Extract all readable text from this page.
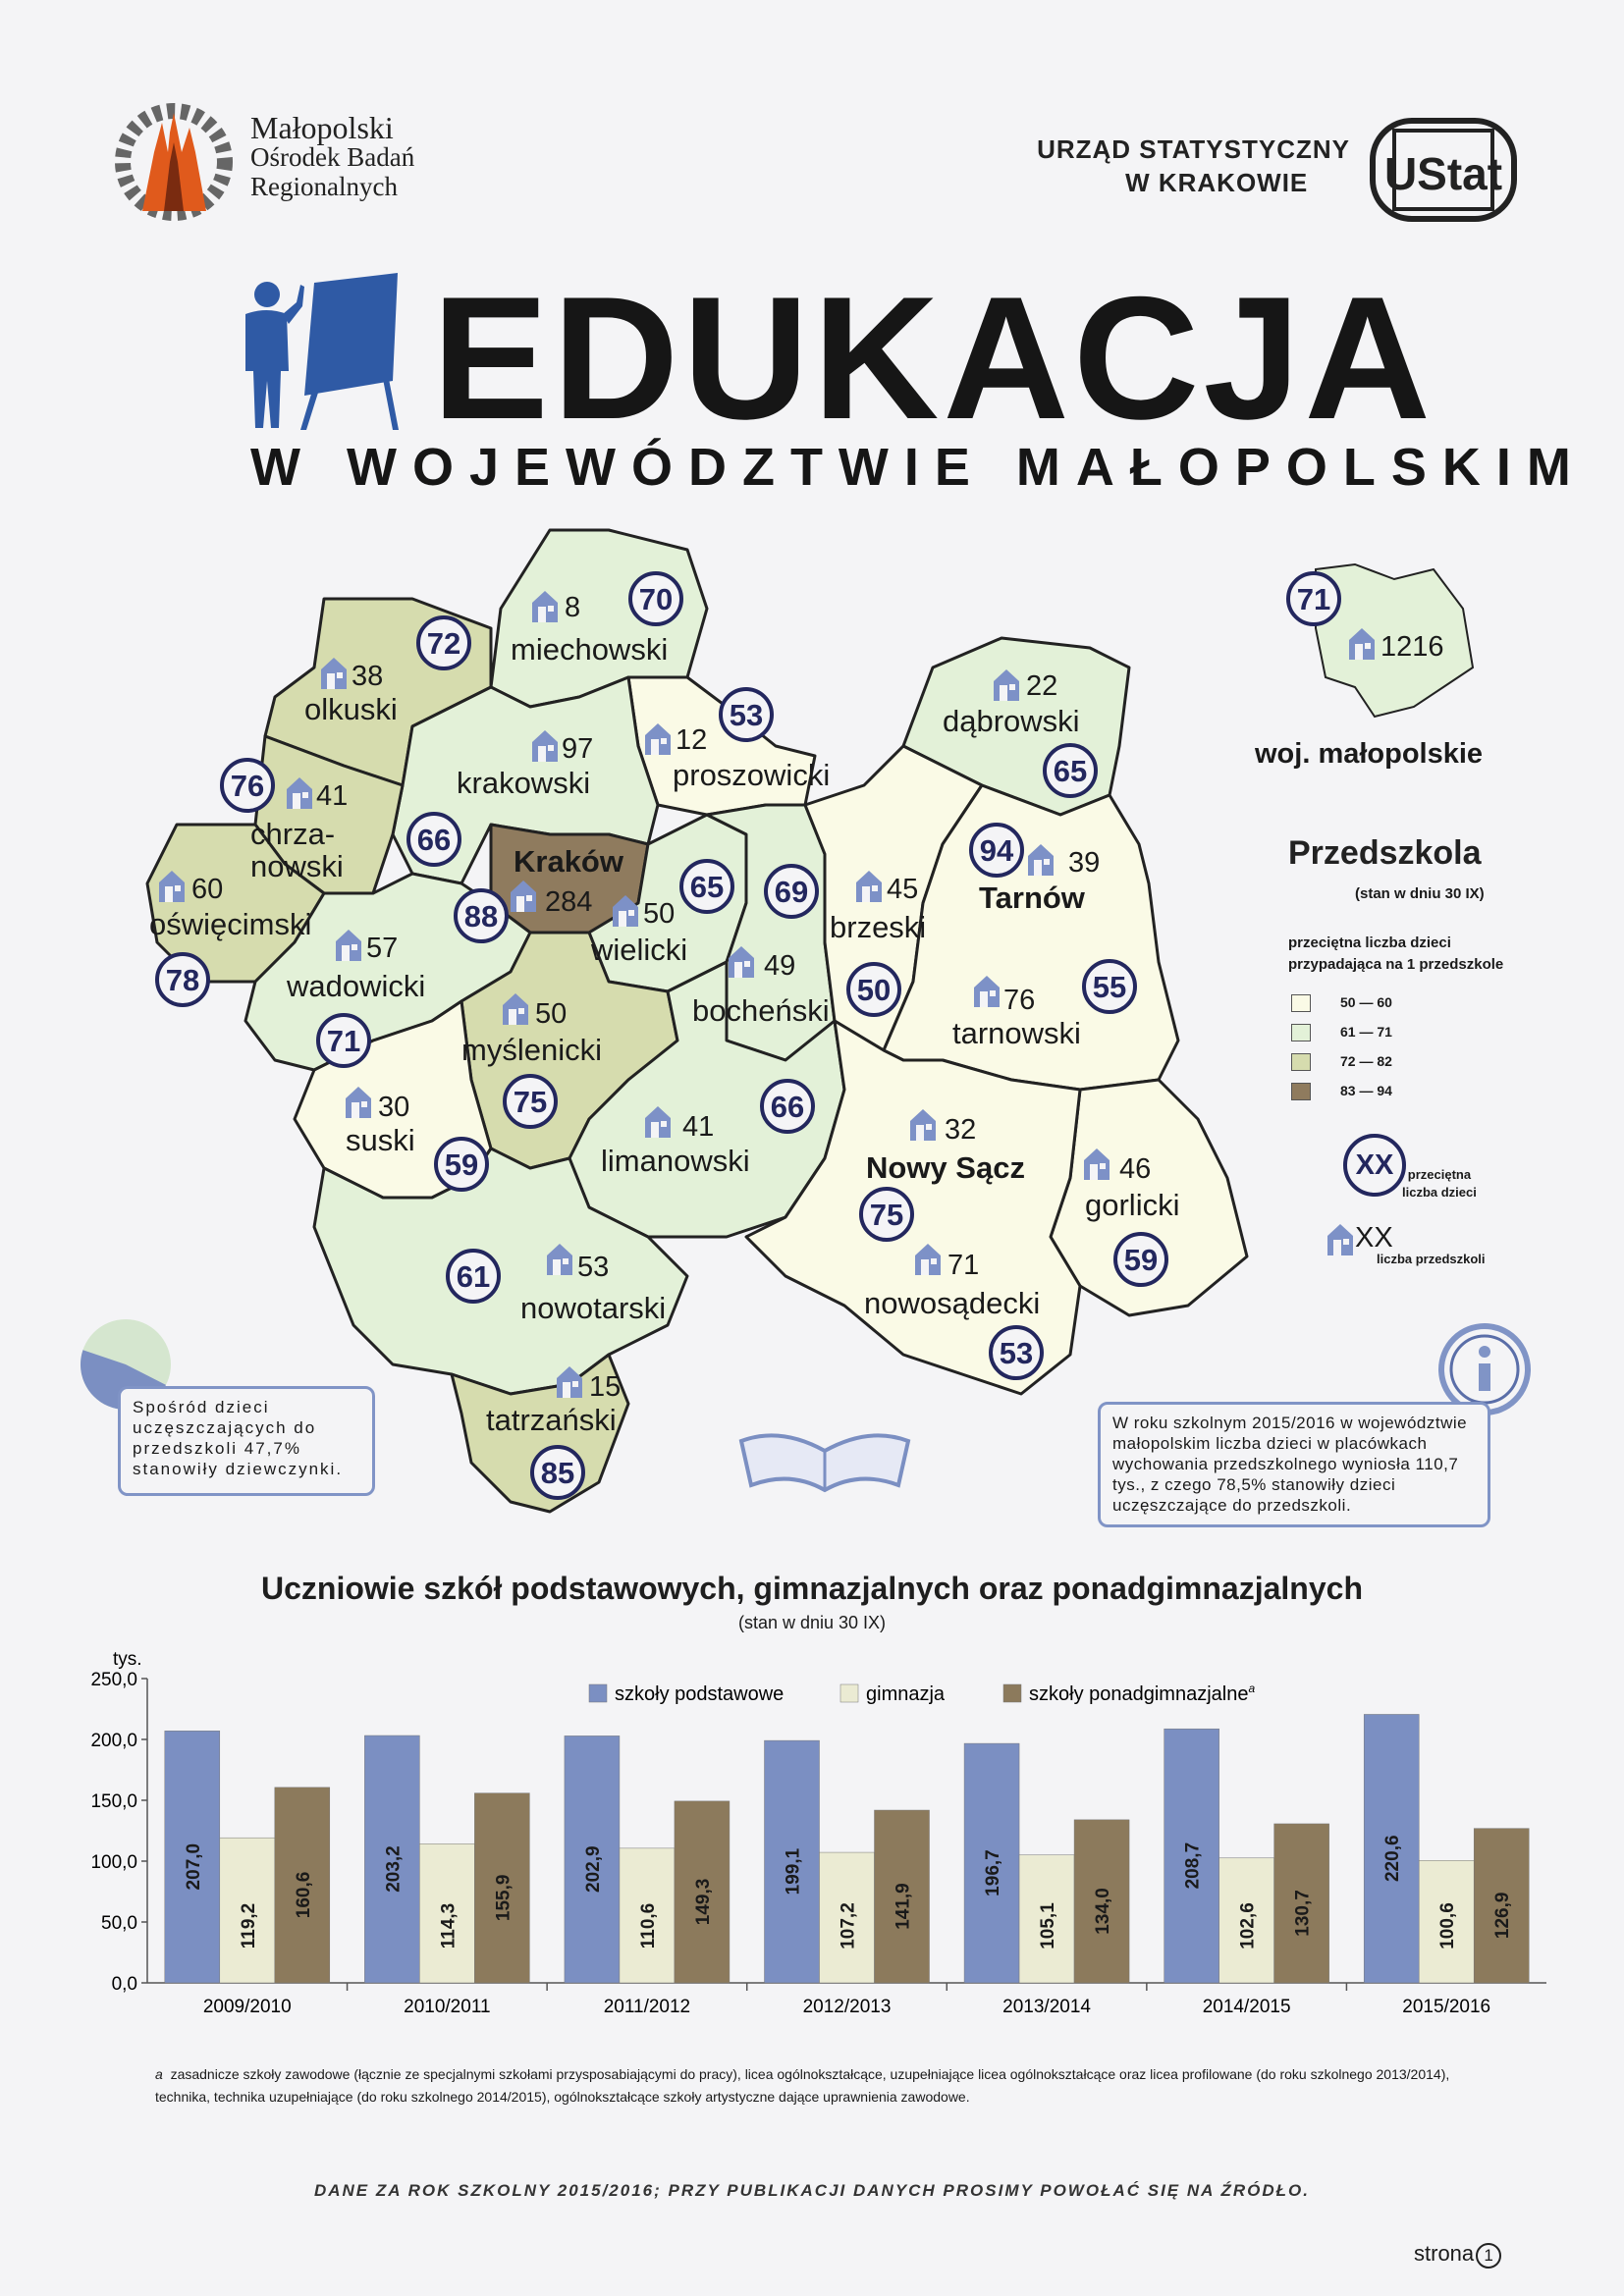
Małopolski
Ośrodek Badań
Regionalnych
URZĄD STATYSTYCZNY
W KRAKOWIE	UStat
EDUKACJA
W WOJEWÓDZTWIE MAŁOPOLSKIM
miechowski
8 70
olkuski
38
72
proszowicki
12
53	dąbrowski
22
65
krakowski
97
66
chrza-
nowski
41
76
Kraków
284
88
oświęcimski
60
78
wielicki
50
65
bocheński
49
69
brzeski
45
50
Tarnów
39
94
tarnowski
76 55
wadowicki
57
71	myślenicki
50
75
suski
30
59	limanowski
41
66
Nowy Sącz
32
75	gorlicki
46
59
nowotarski
53
61
nowosądecki
71
53
tatrzański
15
85
71
1216
woj. małopolskie
Przedszkola
(stan w dniu 30 IX)
przeciętna liczba dzieci
przypadająca na 1 przedszkole
50 — 60
61 — 71
72 — 82
83 — 94
XX	przeciętna
liczba dzieci
XX
liczba przedszkoli
Spośród dzieci uczęszczających do przedszkoli 47,7% stanowiły dziewczynki.
W roku szkolnym 2015/2016 w województwie małopolskim liczba dzieci w placówkach wychowania przedszkolnego wyniosła 110,7 tys., z czego 78,5% stanowiły dzieci uczęszczające do przedszkoli.
Uczniowie szkół podstawowych, gimnazjalnych oraz ponadgimnazjalnych
(stan w dniu 30 IX)
tys.
0,0
50,0
100,0
150,0
200,0
250,0
2009/2010
207,0
119,2
160,6
2010/2011
203,2
114,3
155,9
2011/2012
202,9
110,6
149,3
2012/2013
199,1
107,2 141,9
2013/2014
196,7
105,1 134,0
2014/2015
208,7
102,6 130,7
2015/2016
220,6
100,6 126,9
szkoły podstawowe	gimnazja	szkoły ponadgimnazjalne$^a$
a zasadnicze szkoły zawodowe (łącznie ze specjalnymi szkołami przysposabiającymi do pracy), licea ogólnokształcące, uzupełniające licea ogólnokształcące oraz licea profilowane (do roku szkolnego 2013/2014), technika, technika uzupełniające (do roku szkolnego 2014/2015), ogólnokształcące szkoły artystyczne dające uprawnienia zawodowe.
DANE ZA ROK SZKOLNY 2015/2016; PRZY PUBLIKACJI DANYCH PROSIMY POWOŁAĆ SIĘ NA ŹRÓDŁO.
strona 1
